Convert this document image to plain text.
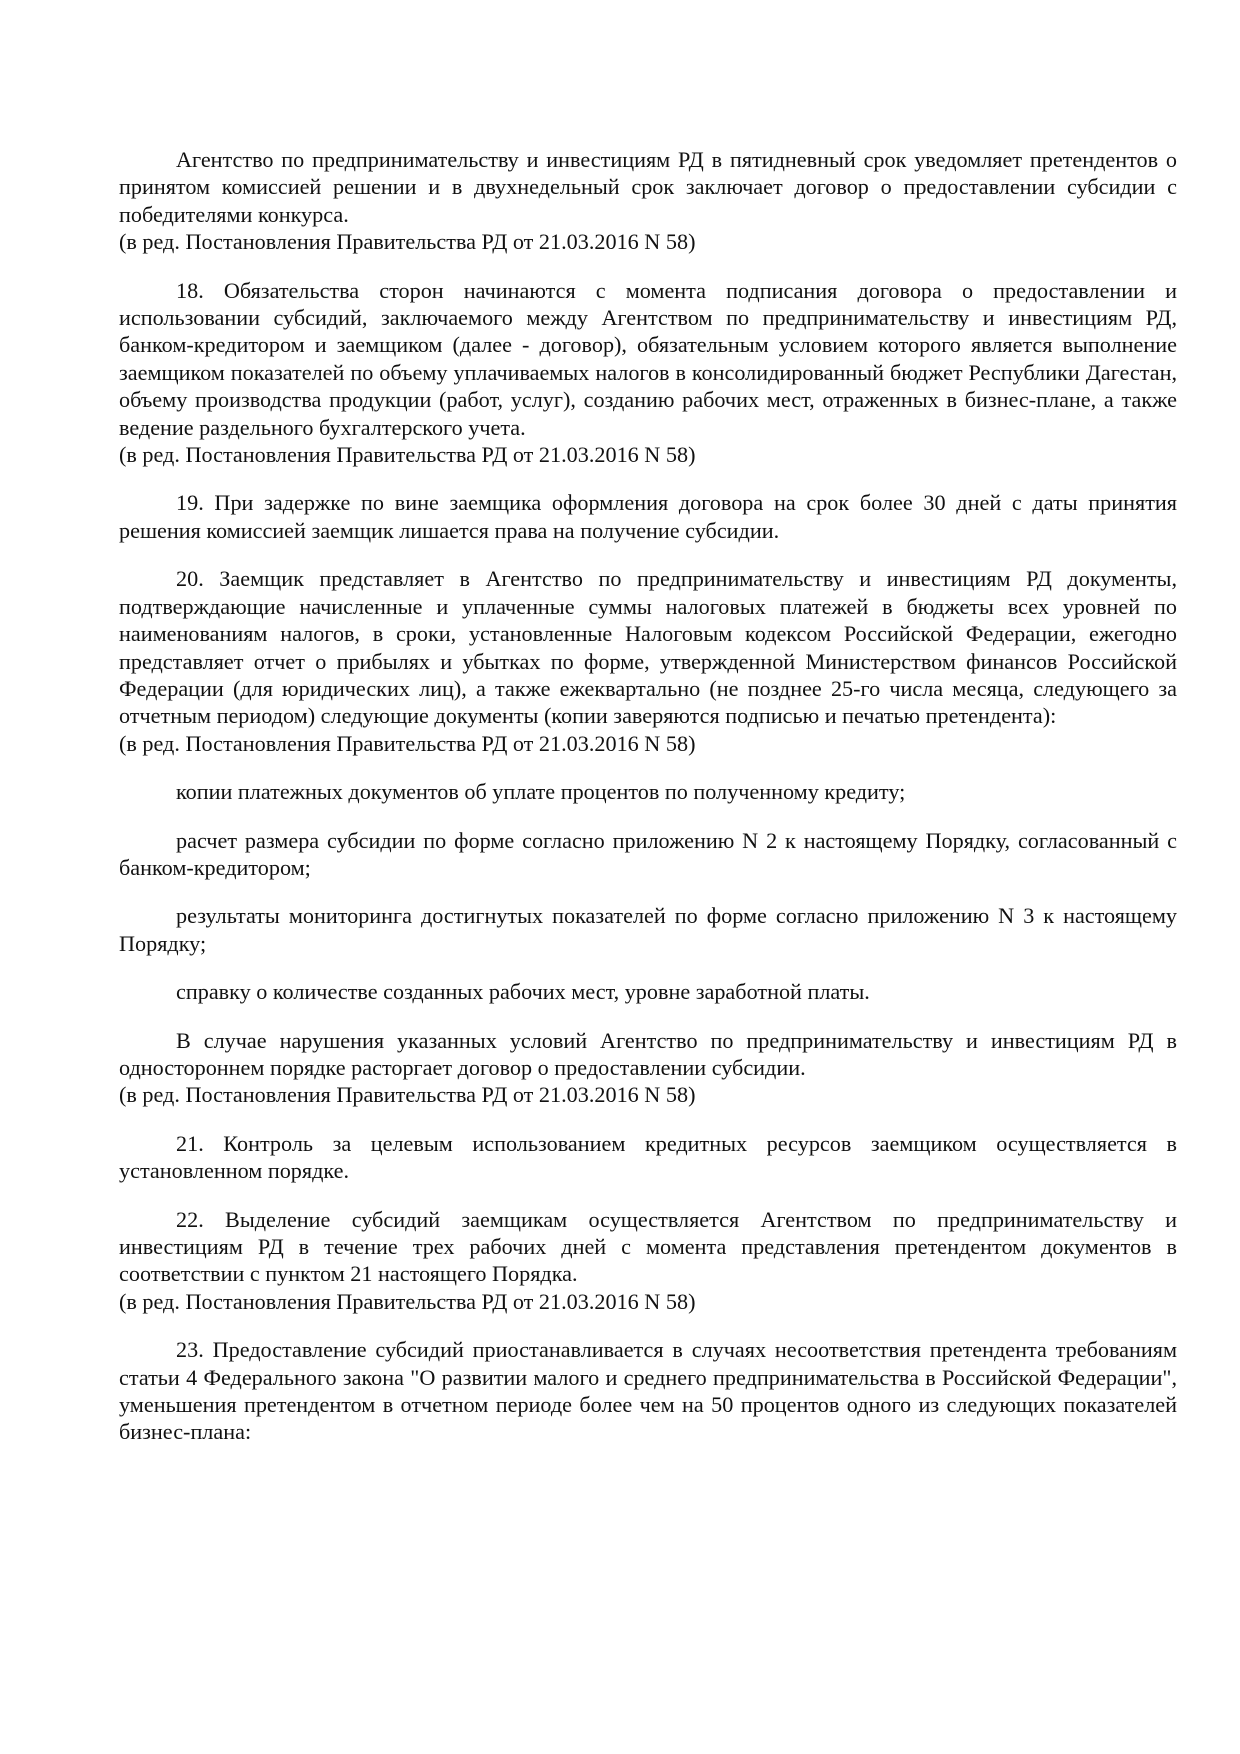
Агентство по предпринимательству и инвестициям РД в пятидневный срок уведомляет претендентов о принятом комиссией решении и в двухнедельный срок заключает договор о предоставлении субсидии с победителями конкурса.
(в ред. Постановления Правительства РД от 21.03.2016 N 58)

18. Обязательства сторон начинаются с момента подписания договора о предоставлении и использовании субсидий, заключаемого между Агентством по предпринимательству и инвестициям РД, банком-кредитором и заемщиком (далее - договор), обязательным условием которого является выполнение заемщиком показателей по объему уплачиваемых налогов в консолидированный бюджет Республики Дагестан, объему производства продукции (работ, услуг), созданию рабочих мест, отраженных в бизнес-плане, а также ведение раздельного бухгалтерского учета.
(в ред. Постановления Правительства РД от 21.03.2016 N 58)

19. При задержке по вине заемщика оформления договора на срок более 30 дней с даты принятия решения комиссией заемщик лишается права на получение субсидии.

20. Заемщик представляет в Агентство по предпринимательству и инвестициям РД документы, подтверждающие начисленные и уплаченные суммы налоговых платежей в бюджеты всех уровней по наименованиям налогов, в сроки, установленные Налоговым кодексом Российской Федерации, ежегодно представляет отчет о прибылях и убытках по форме, утвержденной Министерством финансов Российской Федерации (для юридических лиц), а также ежеквартально (не позднее 25-го числа месяца, следующего за отчетным периодом) следующие документы (копии заверяются подписью и печатью претендента):
(в ред. Постановления Правительства РД от 21.03.2016 N 58)

копии платежных документов об уплате процентов по полученному кредиту;

расчет размера субсидии по форме согласно приложению N 2 к настоящему Порядку, согласованный с банком-кредитором;

результаты мониторинга достигнутых показателей по форме согласно приложению N 3 к настоящему Порядку;

справку о количестве созданных рабочих мест, уровне заработной платы.

В случае нарушения указанных условий Агентство по предпринимательству и инвестициям РД в одностороннем порядке расторгает договор о предоставлении субсидии.
(в ред. Постановления Правительства РД от 21.03.2016 N 58)

21. Контроль за целевым использованием кредитных ресурсов заемщиком осуществляется в установленном порядке.

22. Выделение субсидий заемщикам осуществляется Агентством по предпринимательству и инвестициям РД в течение трех рабочих дней с момента представления претендентом документов в соответствии с пунктом 21 настоящего Порядка.
(в ред. Постановления Правительства РД от 21.03.2016 N 58)

23. Предоставление субсидий приостанавливается в случаях несоответствия претендента требованиям статьи 4 Федерального закона "О развитии малого и среднего предпринимательства в Российской Федерации", уменьшения претендентом в отчетном периоде более чем на 50 процентов одного из следующих показателей бизнес-плана:
